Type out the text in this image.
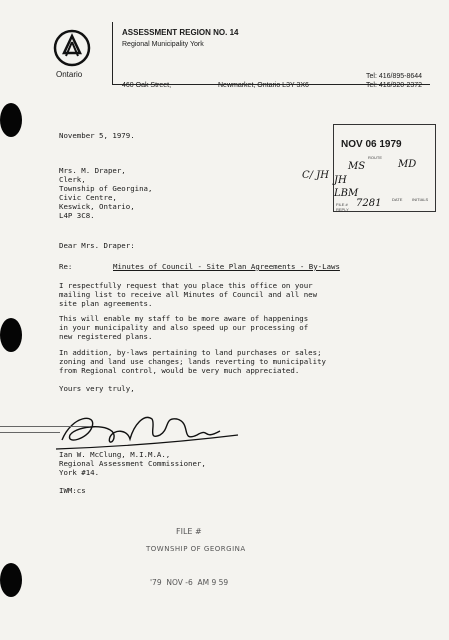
Ontario
ASSESSMENT REGION NO. 14
Regional Municipality York
460 Oak Street,	Newmarket, Ontario L3Y 3X6
Tel: 416/895-8644
Tel: 416/920-2372
November 5, 1979.
NOV 06 1979
ROUTE
MS	MD
JH
LBM
FILE # 7281	DATE INITIALS
REPLY
C/ JH
Mrs. M. Draper,
Clerk,
Township of Georgina,
Civic Centre,
Keswick, Ontario,
L4P 3C8.
Dear Mrs. Draper:
Re:	Minutes of Council - Site Plan Agreements - By-Laws
I respectfully request that you place this office on your
mailing list to receive all Minutes of Council and all new
site plan agreements.
This will enable my staff to be more aware of happenings
in your municipality and also speed up our processing of
new registered plans.
In addition, by-laws pertaining to land purchases or sales;
zoning and land use changes; lands reverting to municipality
from Regional control, would be very much appreciated.
Yours very truly,
Ian W. McClung, M.I.M.A.,
Regional Assessment Commissioner,
York #14.
IWM:cs
FILE #
TOWNSHIP OF GEORGINA
'79  NOV -6  AM 9 59
